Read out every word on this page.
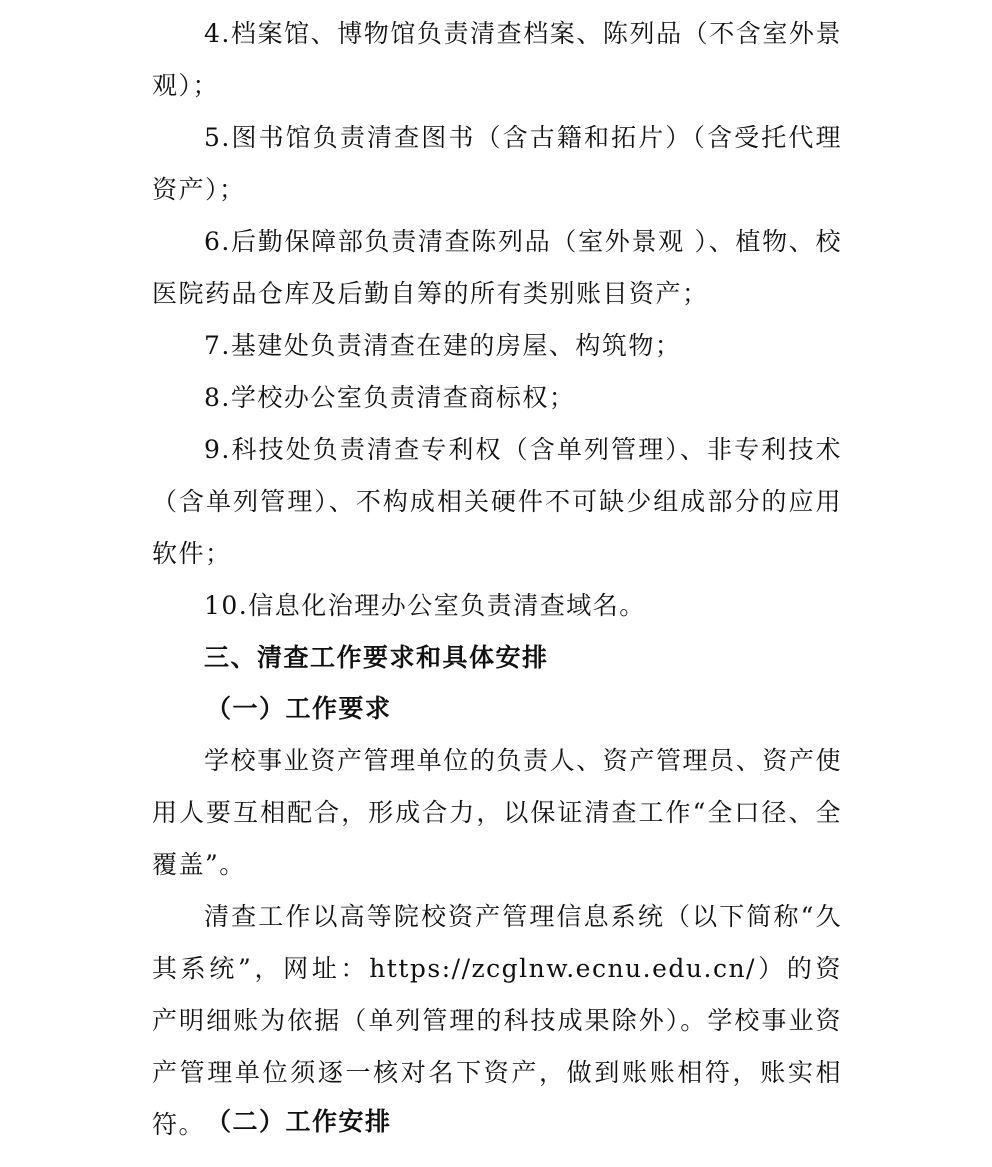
4.档案馆、博物馆负责清查档案、陈列品（不含室外景观）；

5.图书馆负责清查图书（含古籍和拓片）（含受托代理资产）；

6.后勤保障部负责清查陈列品（室外景观 ）、植物、校医院药品仓库及后勤自筹的所有类别账目资产；

7.基建处负责清查在建的房屋、构筑物；

8.学校办公室负责清查商标权；

9.科技处负责清查专利权（含单列管理）、非专利技术（含单列管理）、不构成相关硬件不可缺少组成部分的应用软件；

10.信息化治理办公室负责清查域名。

三、清查工作要求和具体安排
（一）工作要求

学校事业资产管理单位的负责人、资产管理员、资产使用人要互相配合，形成合力，以保证清查工作“全口径、全覆盖”。

清查工作以高等院校资产管理信息系统（以下简称“久其系统”，网址：https://zcglnw.ecnu.edu.cn/）的资产明细账为依据（单列管理的科技成果除外）。学校事业资产管理单位须逐一核对名下资产，做到账账相符，账实相符。 （二）工作安排
